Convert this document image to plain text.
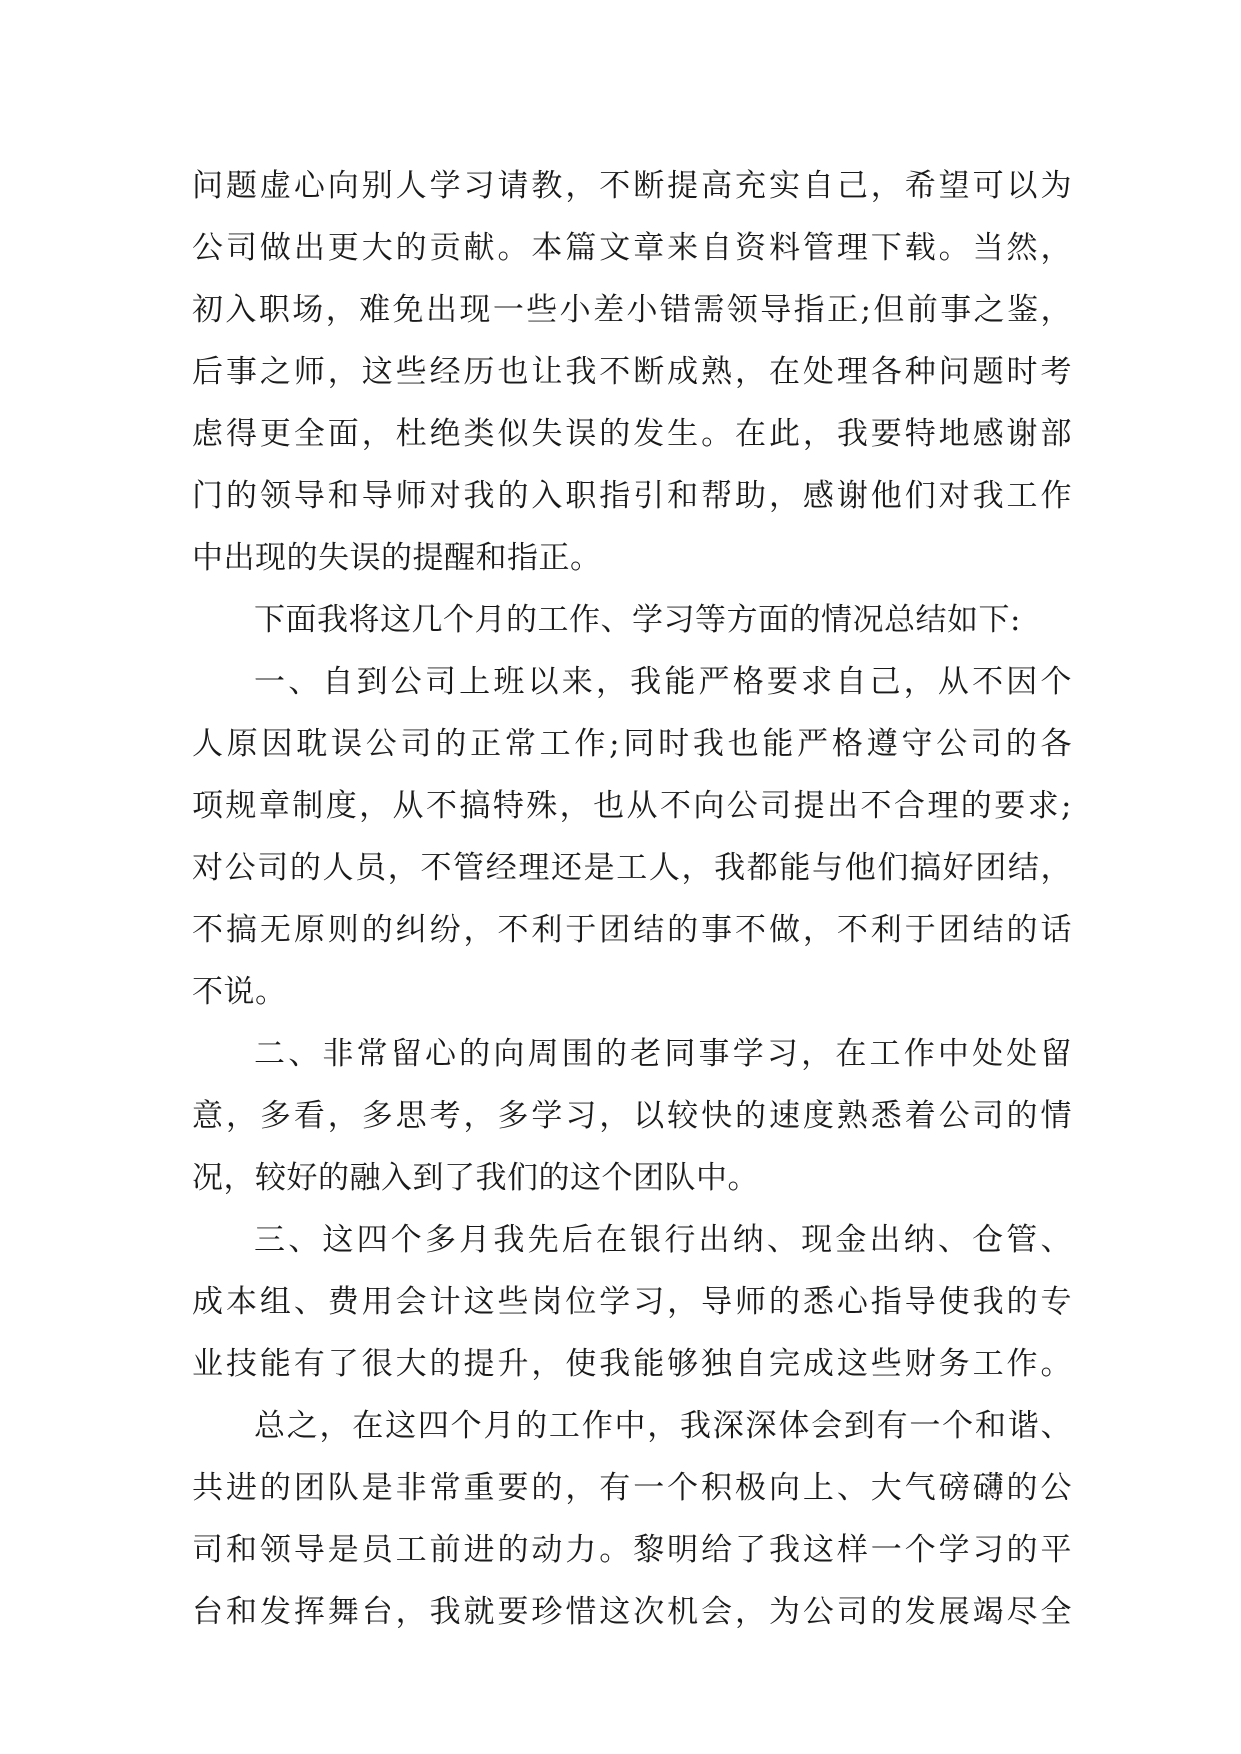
问题虚心向别人学习请教，不断提高充实自己，希望可以为
公司做出更大的贡献。本篇文章来自资料管理下载。当然，
初入职场，难免出现一些小差小错需领导指正;但前事之鉴，
后事之师，这些经历也让我不断成熟，在处理各种问题时考
虑得更全面，杜绝类似失误的发生。在此，我要特地感谢部
门的领导和导师对我的入职指引和帮助，感谢他们对我工作
中出现的失误的提醒和指正。
下面我将这几个月的工作、学习等方面的情况总结如下:
一、自到公司上班以来，我能严格要求自己，从不因个
人原因耽误公司的正常工作;同时我也能严格遵守公司的各
项规章制度，从不搞特殊，也从不向公司提出不合理的要求;
对公司的人员，不管经理还是工人，我都能与他们搞好团结，
不搞无原则的纠纷，不利于团结的事不做，不利于团结的话
不说。
二、非常留心的向周围的老同事学习，在工作中处处留
意，多看，多思考，多学习，以较快的速度熟悉着公司的情
况，较好的融入到了我们的这个团队中。
三、这四个多月我先后在银行出纳、现金出纳、仓管、
成本组、费用会计这些岗位学习，导师的悉心指导使我的专
业技能有了很大的提升，使我能够独自完成这些财务工作。
总之，在这四个月的工作中，我深深体会到有一个和谐、
共进的团队是非常重要的，有一个积极向上、大气磅礴的公
司和领导是员工前进的动力。黎明给了我这样一个学习的平
台和发挥舞台，我就要珍惜这次机会，为公司的发展竭尽全
